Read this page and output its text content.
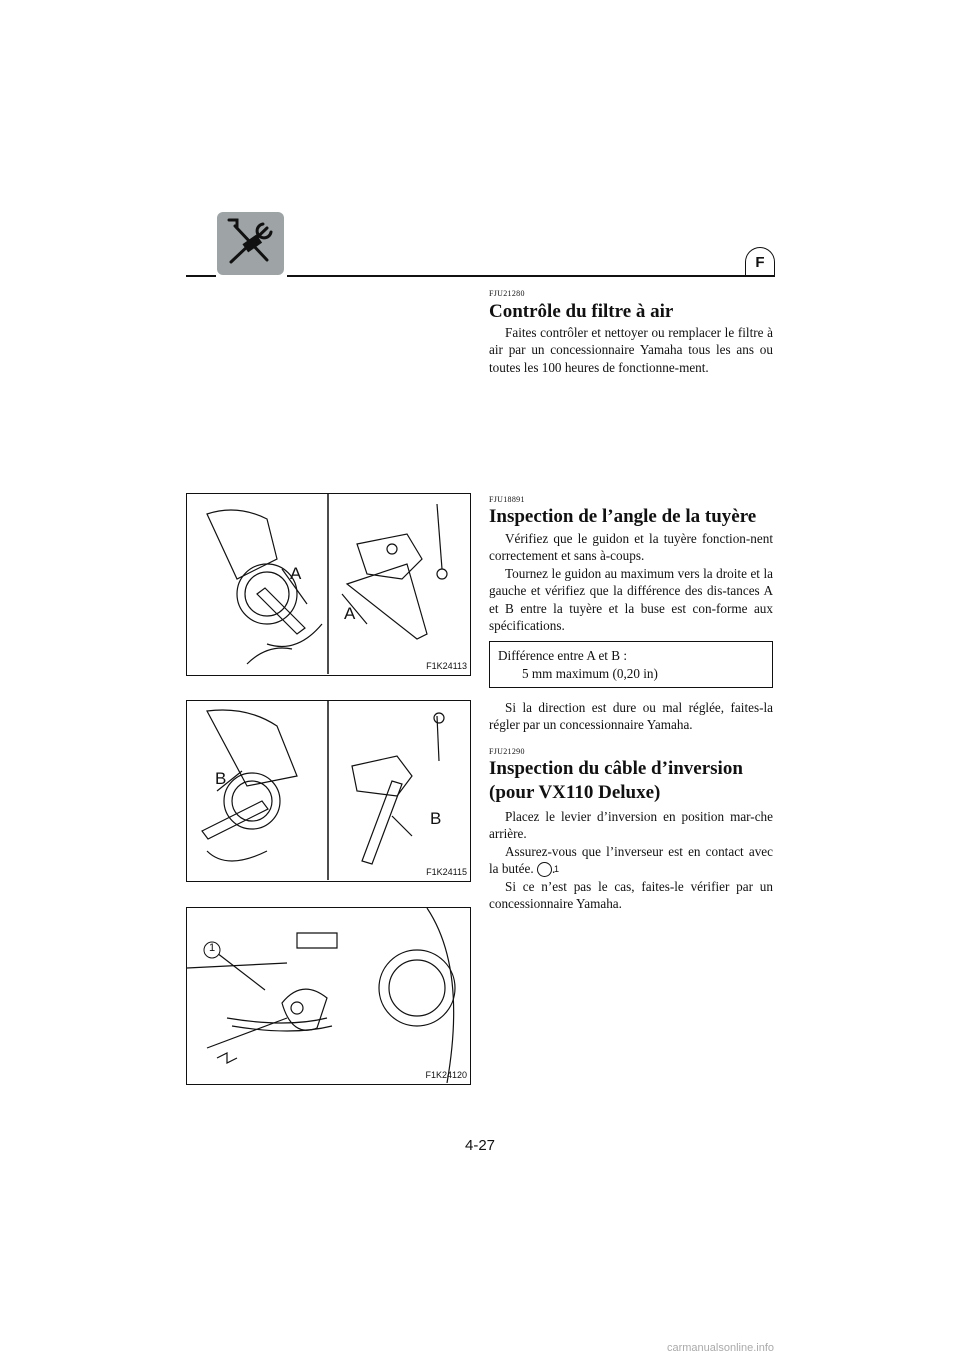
F
FJU21280
Contrôle du filtre à air

Faites contrôler et nettoyer ou remplacer le filtre à air par un concessionnaire Yamaha tous les ans ou toutes les 100 heures de fonctionne-ment.

FJU18891
Inspection de l’angle de la tuyère

Vérifiez que le guidon et la tuyère fonction-nent correctement et sans à-coups.

Tournez le guidon au maximum vers la droite et la gauche et vérifiez que la différence des dis-tances A et B entre la tuyère et la buse est con-forme aux spécifications.

Différence entre A et B :
5 mm maximum (0,20 in)

Si la direction est dure ou mal réglée, faites-la régler par un concessionnaire Yamaha.

FJU21290
Inspection du câble d’inversion
(pour VX110 Deluxe)

Placez le levier d’inversion en position mar-che arrière.

Assurez-vous que l’inverseur est en contact avec la butée. 1.

Si ce n’est pas le cas, faites-le vérifier par un concessionnaire Yamaha.

A
A
F1K24113
B
B
F1K24115
1
F1K24120
4-27
carmanualsonline.info
